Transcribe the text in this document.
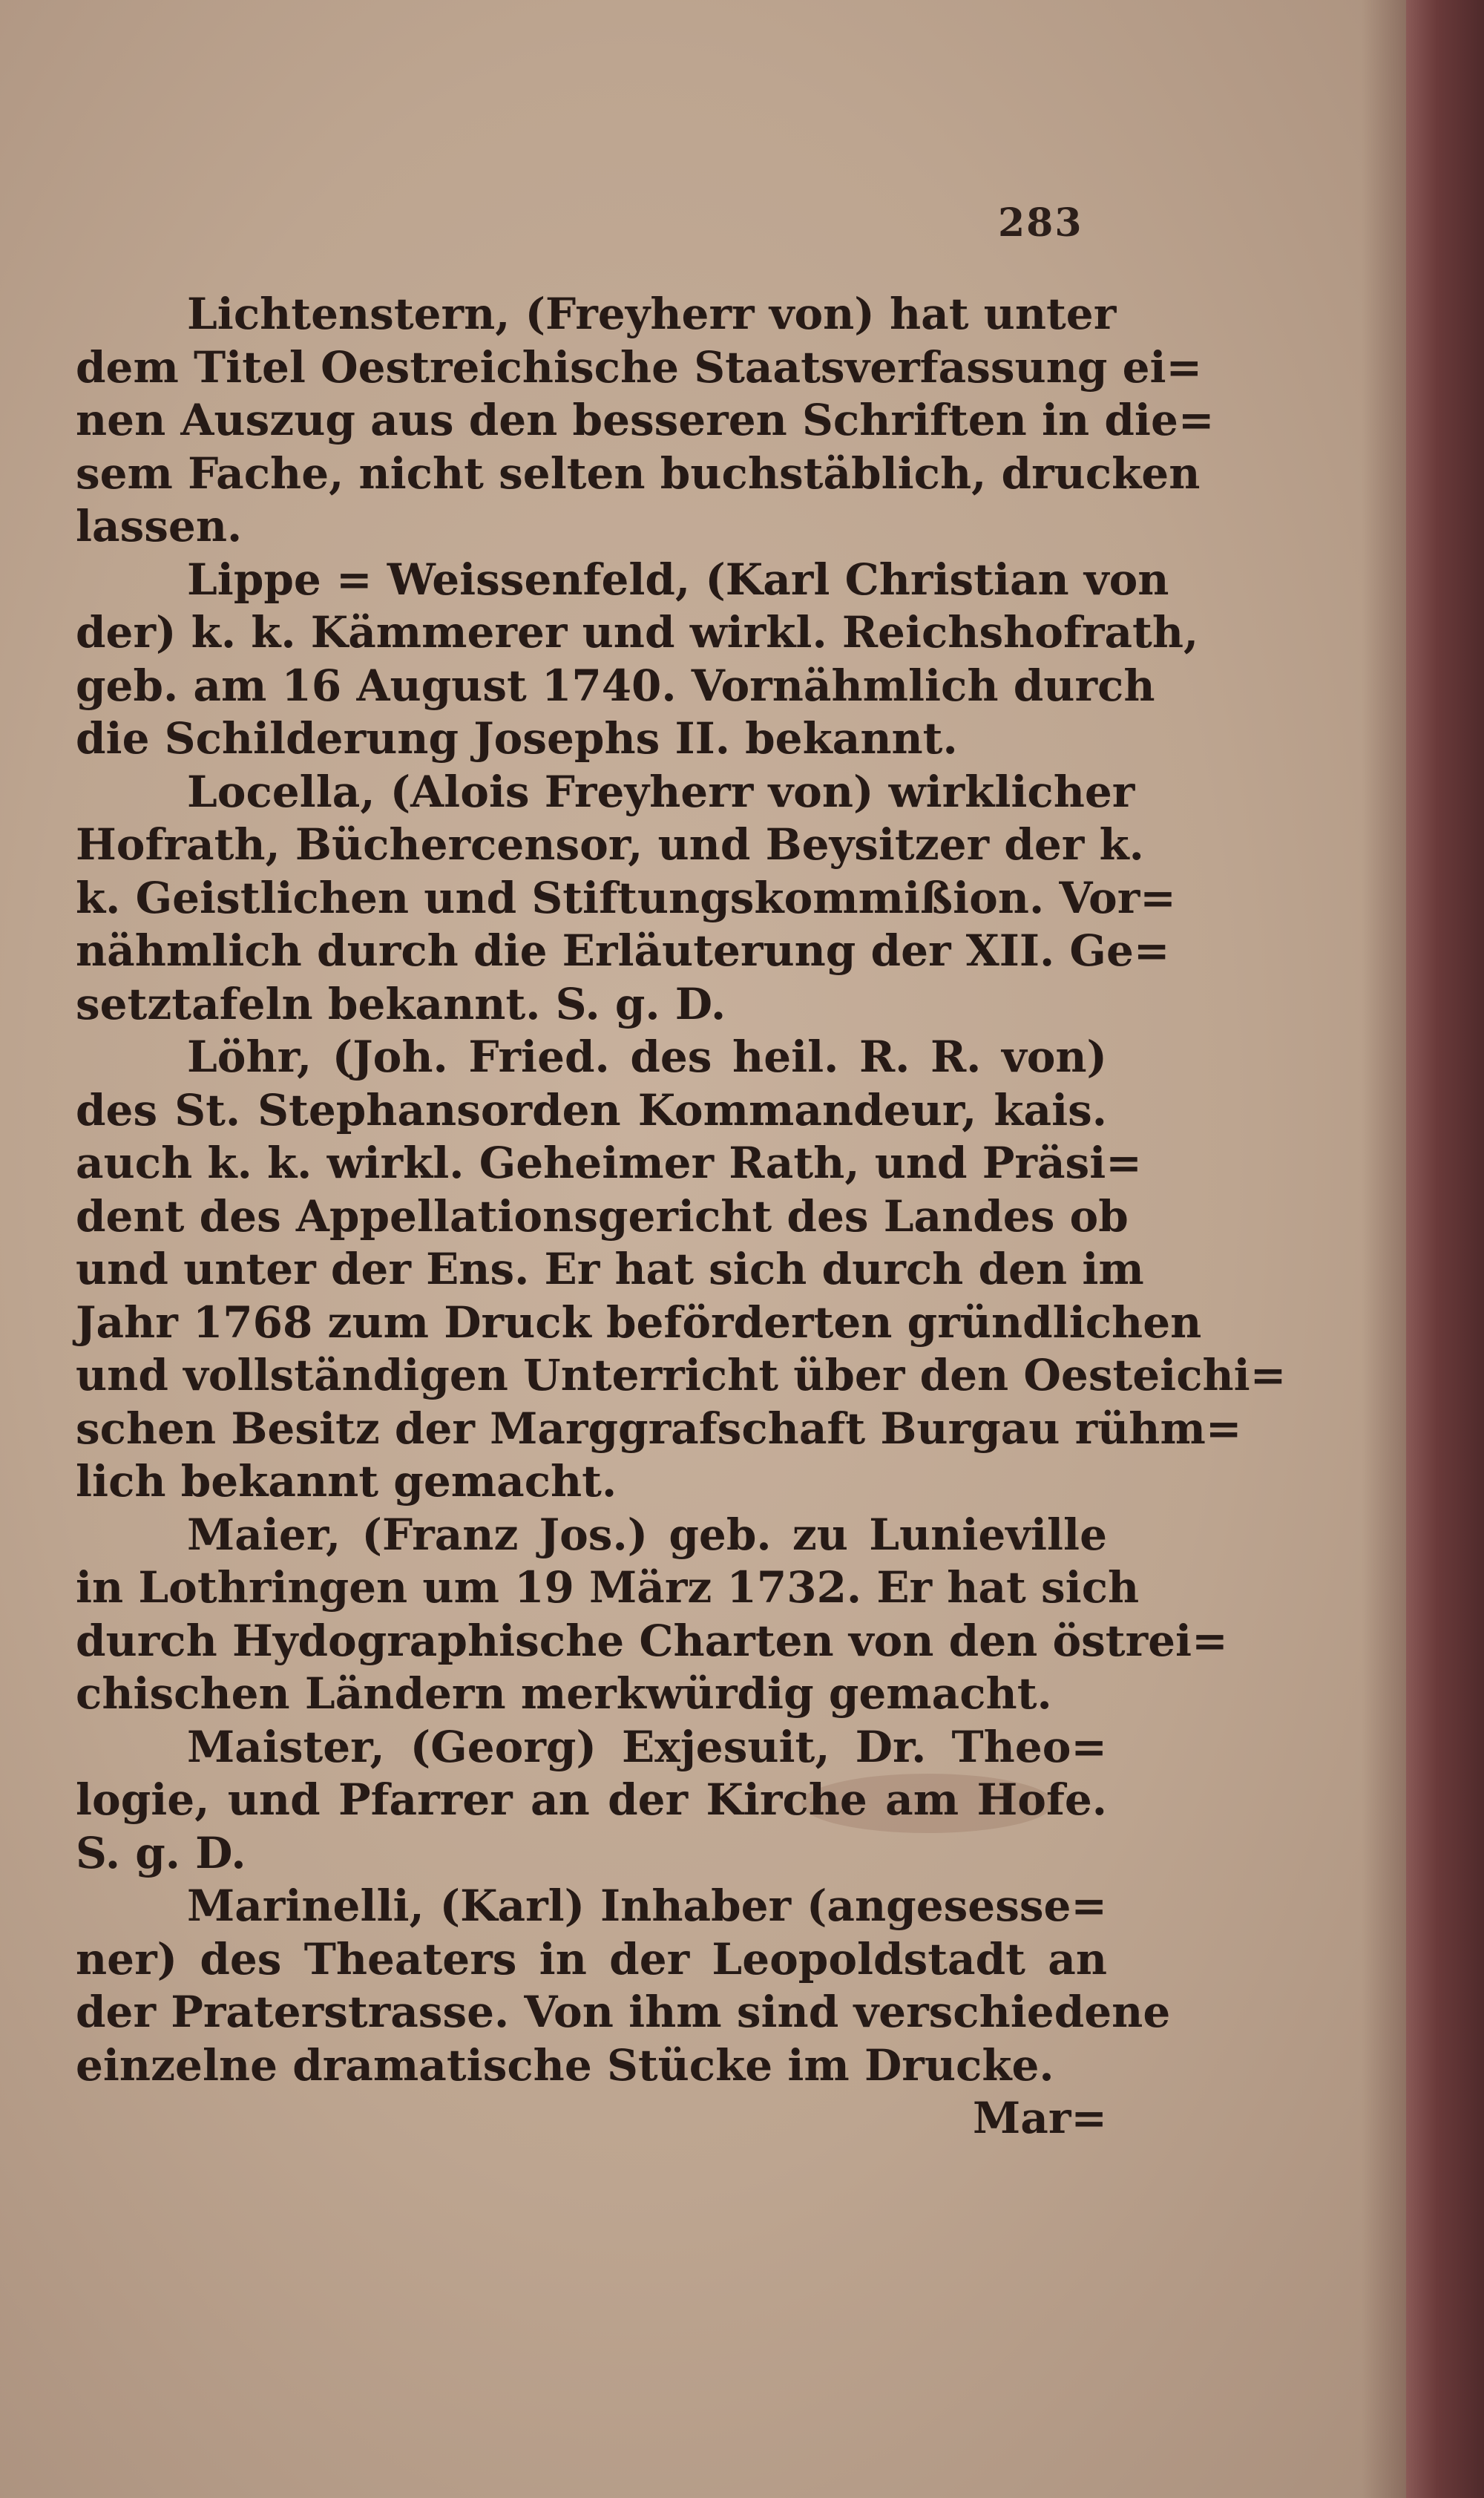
283
Lichtenstern, (Freyherr von) hat unter
dem Titel Oestreichische Staatsverfassung ei=
nen Auszug aus den besseren Schriften in die=
sem Fache, nicht selten buchstäblich, drucken
lassen.
Lippe = Weissenfeld, (Karl Christian von
der) k. k. Kämmerer und wirkl. Reichshofrath,
geb. am 16 August 1740. Vornähmlich durch
die Schilderung Josephs II. bekannt.
Locella, (Alois Freyherr von) wirklicher
Hofrath, Büchercensor, und Beysitzer der k.
k. Geistlichen und Stiftungskommißion. Vor=
nähmlich durch die Erläuterung der XII. Ge=
setztafeln bekannt. S. g. D.
Löhr, (Joh. Fried. des heil. R. R. von)
des St. Stephansorden Kommandeur, kais.
auch k. k. wirkl. Geheimer Rath, und Präsi=
dent des Appellationsgericht des Landes ob
und unter der Ens. Er hat sich durch den im
Jahr 1768 zum Druck beförderten gründlichen
und vollständigen Unterricht über den Oesteichi=
schen Besitz der Marggrafschaft Burgau rühm=
lich bekannt gemacht.
Maier, (Franz Jos.) geb. zu Lunieville
in Lothringen um 19 März 1732. Er hat sich
durch Hydographische Charten von den östrei=
chischen Ländern merkwürdig gemacht.
Maister, (Georg) Exjesuit, Dr. Theo=
logie, und Pfarrer an der Kirche am Hofe.
S. g. D.
Marinelli, (Karl) Inhaber (angesesse=
ner) des Theaters in der Leopoldstadt an
der Praterstrasse. Von ihm sind verschiedene
einzelne dramatische Stücke im Drucke.
Mar=
